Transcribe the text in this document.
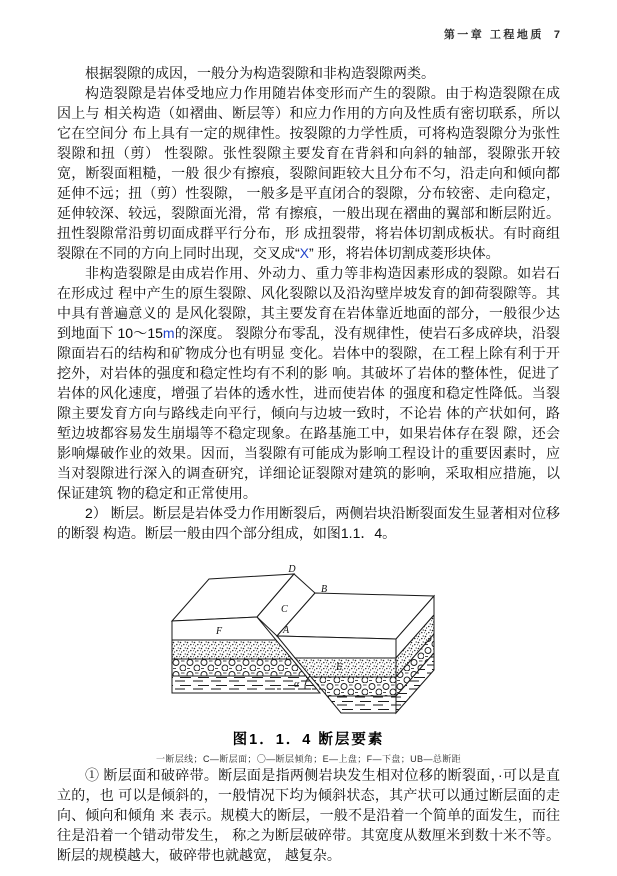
第一章 工程地质 7

根据裂隙的成因，一般分为构造裂隙和非构造裂隙两类。

构造裂隙是岩体受地应力作用随岩体变形而产生的裂隙。由于构造裂隙在成因上与 相关构造（如褶曲、断层等）和应力作用的方向及性质有密切联系，所以它在空间分 布上具有一定的规律性。按裂隙的力学性质，可将构造裂隙分为张性裂隙和扭（剪） 性裂隙。张性裂隙主要发育在背斜和向斜的轴部，裂隙张开较宽，断裂面粗糙，一般 很少有擦痕，裂隙间距较大且分布不匀，沿走向和倾向都延伸不远；扭（剪）性裂隙， 一般多是平直闭合的裂隙，分布较密、走向稳定，延伸较深、较远，裂隙面光滑，常 有擦痕，一般出现在褶曲的翼部和断层附近。扭性裂隙常沿剪切面成群平行分布，形 成扭裂带，将岩体切割成板状。有时商组裂隙在不同的方向上同时出现，交叉成“X” 形，将岩体切割成菱形块体。

非构造裂隙是由成岩作用、外动力、重力等非构造因素形成的裂隙。如岩石在形成过 程中产生的原生裂隙、风化裂隙以及沿沟壁岸坡发育的卸荷裂隙等。其中具有普遍意义的 是风化裂隙，其主要发育在岩体靠近地面的部分，一般很少达到地面下 10～15m的深度。 裂隙分布零乱，没有规律性，使岩石多成碎块，沿裂隙面岩石的结构和矿物成分也有明显 变化。岩体中的裂隙，在工程上除有利于开挖外，对岩体的强度和稳定性均有不利的影 响。其破坏了岩体的整体性，促进了岩体的风化速度，增强了岩体的透水性，进而使岩体 的强度和稳定性降低。当裂隙主要发育方向与路线走向平行，倾向与边坡一致时，不论岩 体的产状如何，路堑边坡都容易发生崩塌等不稳定现象。在路基施工中，如果岩体存在裂 隙，还会影响爆破作业的效果。因而，当裂隙有可能成为影响工程设计的重要因素时，应 当对裂隙进行深入的调查研究，详细论证裂隙对建筑的影响，采取相应措施，以保证建筑 物的稳定和正常使用。

2） 断层。断层是岩体受力作用断裂后，两侧岩块沿断裂面发生显著相对位移的断裂 构造。断层一般由四个部分组成，如图1.1．4。

D
B
C
F	A
E
α
图1．1．4 断层要素
一断层线；C—断层面；〇—断层倾角；E—上盘；F—下盘；UB—总断距

① 断层面和破碎带。断层面是指两侧岩块发生相对位移的断裂面，·可以是直立的，也 可以是倾斜的，一般情况下均为倾斜状态，其产状可以通过断层面的走向、倾向和倾角 来 表示。规模大的断层，一般不是沿着一个简单的面发生，而往往是沿着一个错动带发生， 称之为断层破碎带。其宽度从数厘米到数十米不等。断层的规模越大，破碎带也就越宽， 越复杂。
